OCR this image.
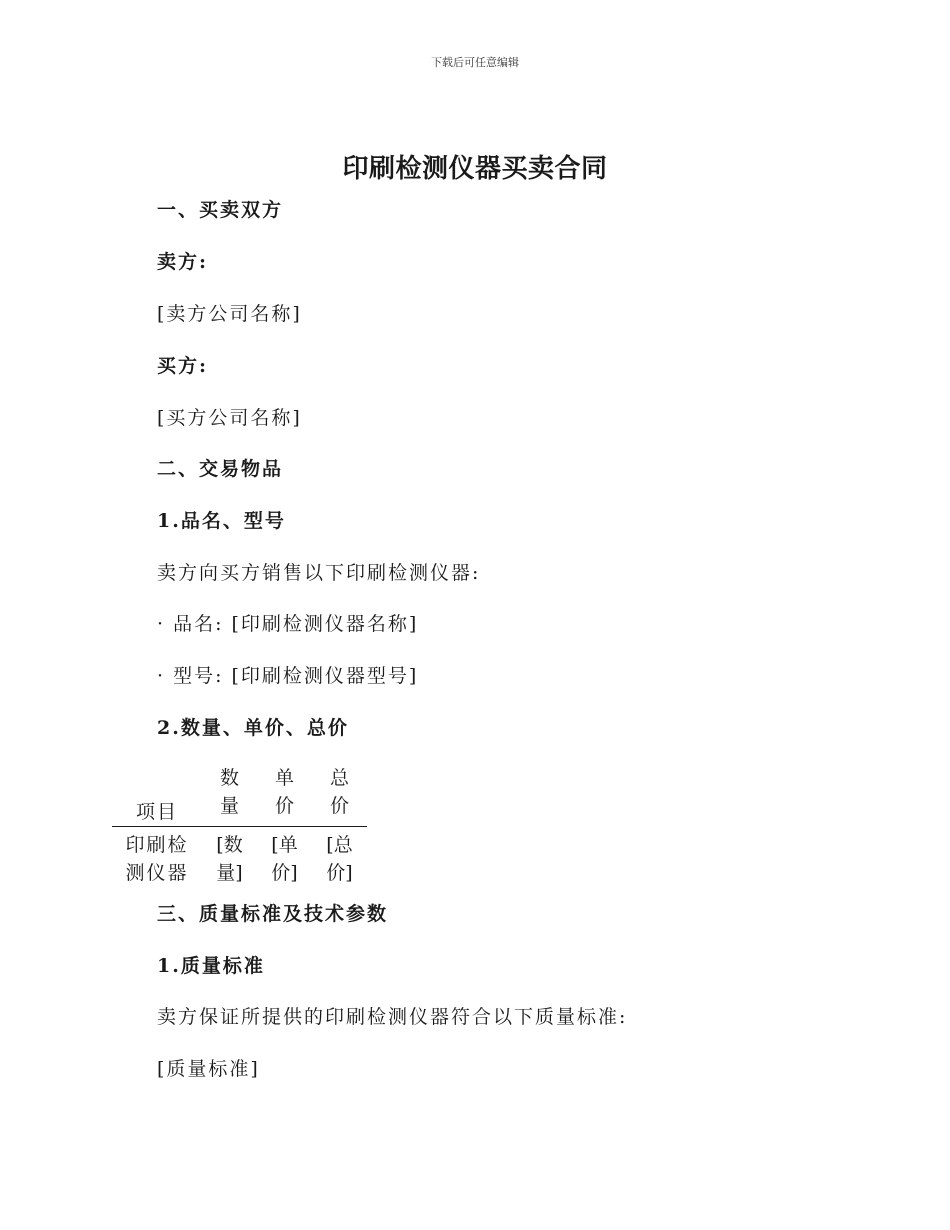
下载后可任意编辑
印刷检测仪器买卖合同
一、买卖双方
卖方:
[卖方公司名称]
买方:
[买方公司名称]
二、交易物品
1.品名、型号
卖方向买方销售以下印刷检测仪器:
· 品名: [印刷检测仪器名称]
· 型号: [印刷检测仪器型号]
2.数量、单价、总价
项目
数量
单价
总价
印刷检测仪器
[数量]
[单价]
[总价]
三、质量标准及技术参数
1.质量标准
卖方保证所提供的印刷检测仪器符合以下质量标准:
[质量标准]
